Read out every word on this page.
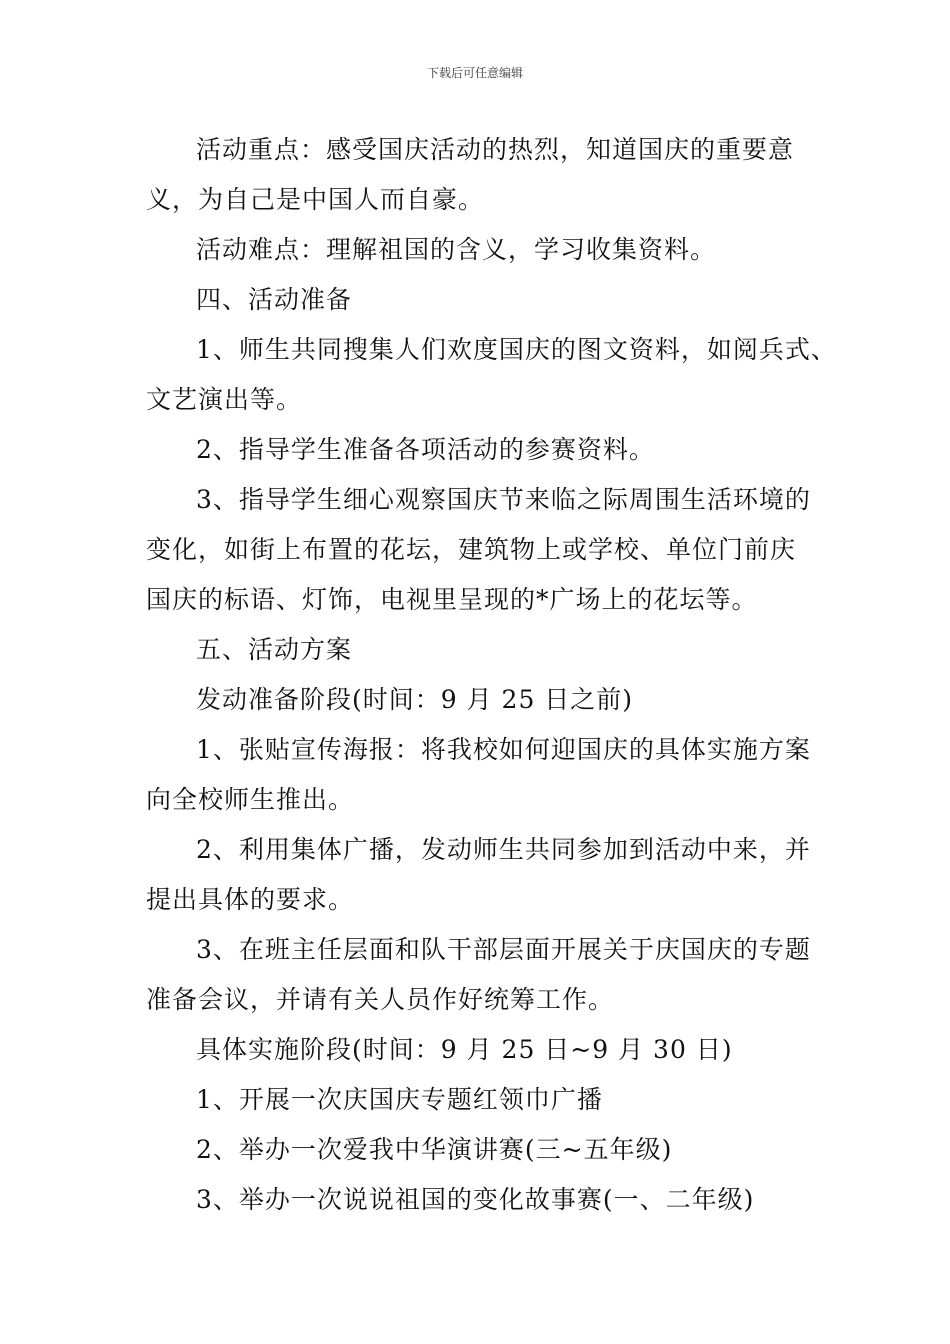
下载后可任意编辑
活动重点：感受国庆活动的热烈，知道国庆的重要意
义，为自己是中国人而自豪。
活动难点：理解祖国的含义，学习收集资料。
四、活动准备
1、师生共同搜集人们欢度国庆的图文资料，如阅兵式、
文艺演出等。
2、指导学生准备各项活动的参赛资料。
3、指导学生细心观察国庆节来临之际周围生活环境的
变化，如街上布置的花坛，建筑物上或学校、单位门前庆
国庆的标语、灯饰，电视里呈现的*广场上的花坛等。
五、活动方案
发动准备阶段(时间：9 月 25 日之前)
1、张贴宣传海报：将我校如何迎国庆的具体实施方案
向全校师生推出。
2、利用集体广播，发动师生共同参加到活动中来，并
提出具体的要求。
3、在班主任层面和队干部层面开展关于庆国庆的专题
准备会议，并请有关人员作好统筹工作。
具体实施阶段(时间：9 月 25 日~9 月 30 日)
1、开展一次庆国庆专题红领巾广播
2、举办一次爱我中华演讲赛(三~五年级)
3、举办一次说说祖国的变化故事赛(一、二年级)
